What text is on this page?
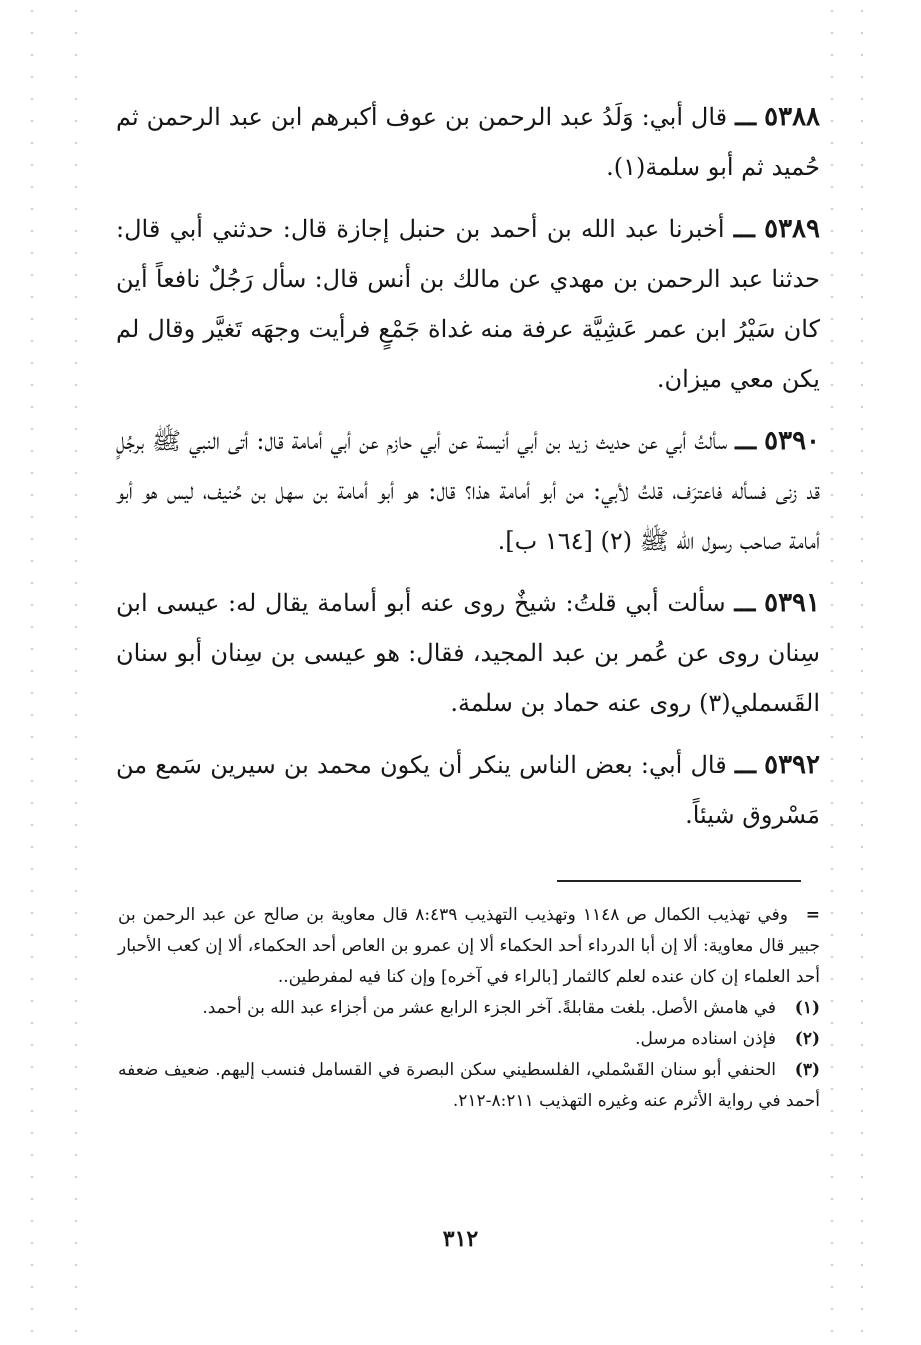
٥٣٨٨ ـــ قال أبي: وَلَدُ عبد الرحمن بن عوف أكبرهم ابن عبد الرحمن ثم حُميد ثم أبو سلمة(١).

٥٣٨٩ ـــ أخبرنا عبد الله بن أحمد بن حنبل إجازة قال: حدثني أبي قال: حدثنا عبد الرحمن بن مهدي عن مالك بن أنس قال: سأل رَجُلٌ نافعاً أين كان سَيْرُ ابن عمر عَشِيَّة عرفة منه غداة جَمْعٍ فرأيت وجهَه تَغيَّر وقال لم يكن معي ميزان.

٥٣٩٠ ـــ سألتُ أبي عن حديث زيد بن أبي أنيسة عن أبي حازم عن أبي أمامة قال: أتى النبي ﷺ برجُلٍ قد زنى فسأله فاعترَف، قلتُ لأبي: من أبو أمامة هذا؟ قال: هو أبو أمامة بن سهل بن حُنيف، ليس هو أبو أمامة صاحب رسول الله ﷺ (٢) [١٦٤ ب].

٥٣٩١ ـــ سألت أبي قلتُ: شيخٌ روى عنه أبو أسامة يقال له: عيسى ابن سِنان روى عن عُمر بن عبد المجيد، فقال: هو عيسى بن سِنان أبو سنان القَسملي(٣) روى عنه حماد بن سلمة.

٥٣٩٢ ـــ قال أبي: بعض الناس ينكر أن يكون محمد بن سيرين سَمع من مَسْروق شيئاً.

=وفي تهذيب الكمال ص ١١٤٨ وتهذيب التهذيب ٨:٤٣٩ قال معاوية بن صالح عن عبد الرحمن بن جبير قال معاوية: ألا إن أبا الدرداء أحد الحكماء ألا إن عمرو بن العاص أحد الحكماء، ألا إن كعب الأحبار أحد العلماء إن كان عنده لعلم كالثمار [بالراء في آخره] وإن كنا فيه لمفرطين..

(١)في هامش الأصل. بلغت مقابلةً. آخر الجزء الرابع عشر من أجزاء عبد الله بن أحمد.

(٢)فإذن اسناده مرسل.

(٣)الحنفي أبو سنان القَسْملي، الفلسطيني سكن البصرة في القسامل فنسب إليهم. ضعيف ضعفه أحمد في رواية الأثرم عنه وغيره التهذيب ٨:٢١١-٢١٢.

٣١٢
